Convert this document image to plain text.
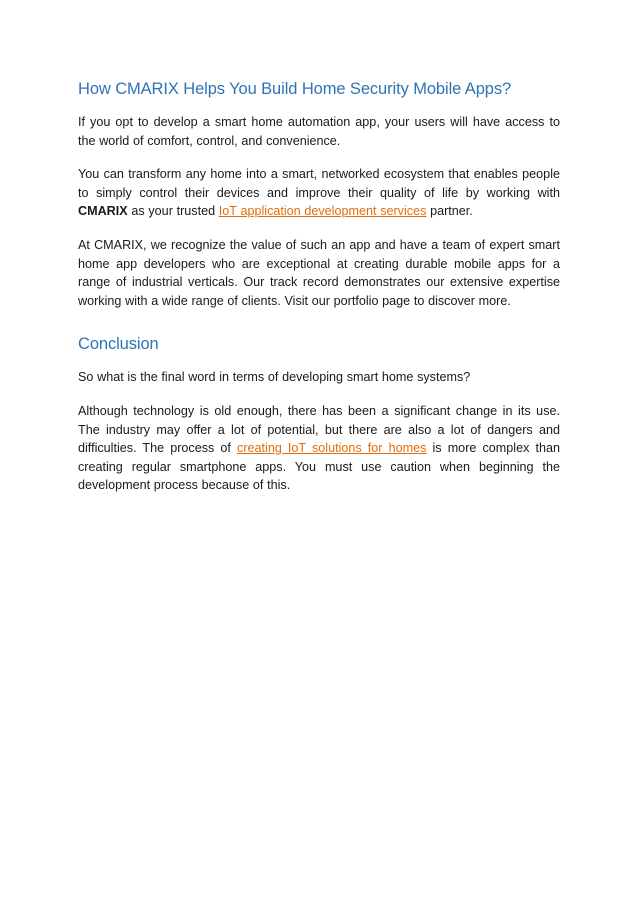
How CMARIX Helps You Build Home Security Mobile Apps?

If you opt to develop a smart home automation app, your users will have access to the world of comfort, control, and convenience.

You can transform any home into a smart, networked ecosystem that enables people to simply control their devices and improve their quality of life by working with CMARIX as your trusted IoT application development services partner.

At CMARIX, we recognize the value of such an app and have a team of expert smart home app developers who are exceptional at creating durable mobile apps for a range of industrial verticals. Our track record demonstrates our extensive expertise working with a wide range of clients. Visit our portfolio page to discover more.

Conclusion

So what is the final word in terms of developing smart home systems?

Although technology is old enough, there has been a significant change in its use. The industry may offer a lot of potential, but there are also a lot of dangers and difficulties. The process of creating IoT solutions for homes is more complex than creating regular smartphone apps. You must use caution when beginning the development process because of this.
